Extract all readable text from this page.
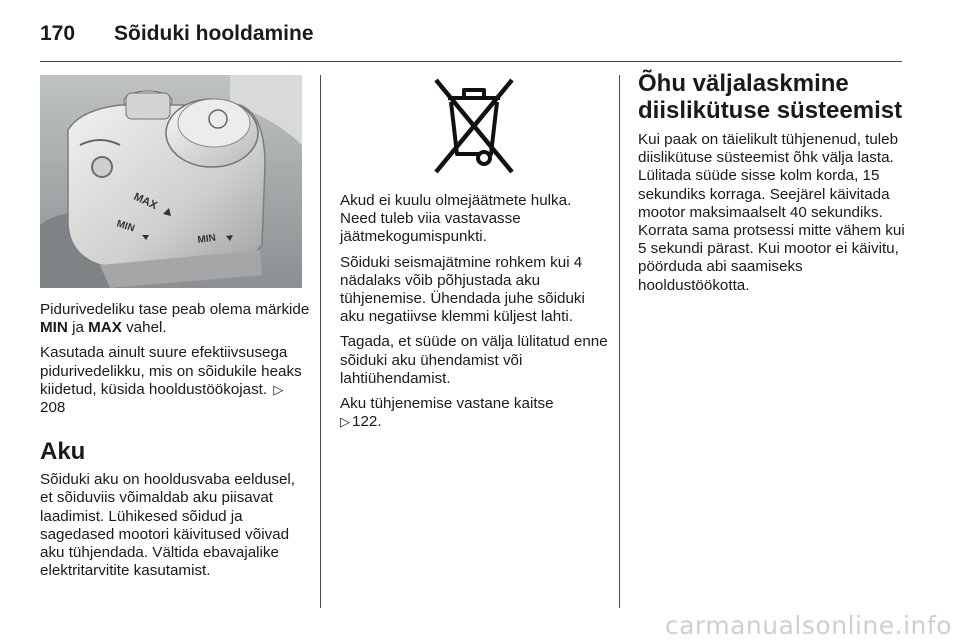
170	Sõiduki hooldamine
MAX
MIN
MIN

Pidurivedeliku tase peab olema märkide MIN ja MAX vahel.

Kasutada ainult suure efektiivsusega pidurivedelikku, mis on sõidukile heaks kiidetud, küsida hooldustöökojast. ▷208

Aku

Sõiduki aku on hooldusvaba eeldusel, et sõiduviis võimaldab aku piisavat laadimist. Lühikesed sõidud ja sagedased mootori käivitused võivad aku tühjendada. Vältida ebavajalike elektritarvitite kasutamist.

Akud ei kuulu olmejäätmete hulka. Need tuleb viia vastavasse jäätmekogumispunkti.

Sõiduki seismajätmine rohkem kui 4 nädalaks võib põhjustada aku tühjenemise. Ühendada juhe sõiduki aku negatiivse klemmi küljest lahti.

Tagada, et süüde on välja lülitatud enne sõiduki aku ühendamist või lahtiühendamist.

Aku tühjenemise vastane kaitse
▷ 122.

Õhu väljalaskmine
diislikütuse süsteemist

Kui paak on täielikult tühjenenud, tuleb diislikütuse süsteemist õhk välja lasta. Lülitada süüde sisse kolm korda, 15 sekundiks korraga. Seejärel käivitada mootor maksimaalselt 40 sekundiks. Korrata sama protsessi mitte vähem kui 5 sekundi pärast. Kui mootor ei käivitu, pöörduda abi saamiseks hooldustöökotta.

carmanualsonline.info
